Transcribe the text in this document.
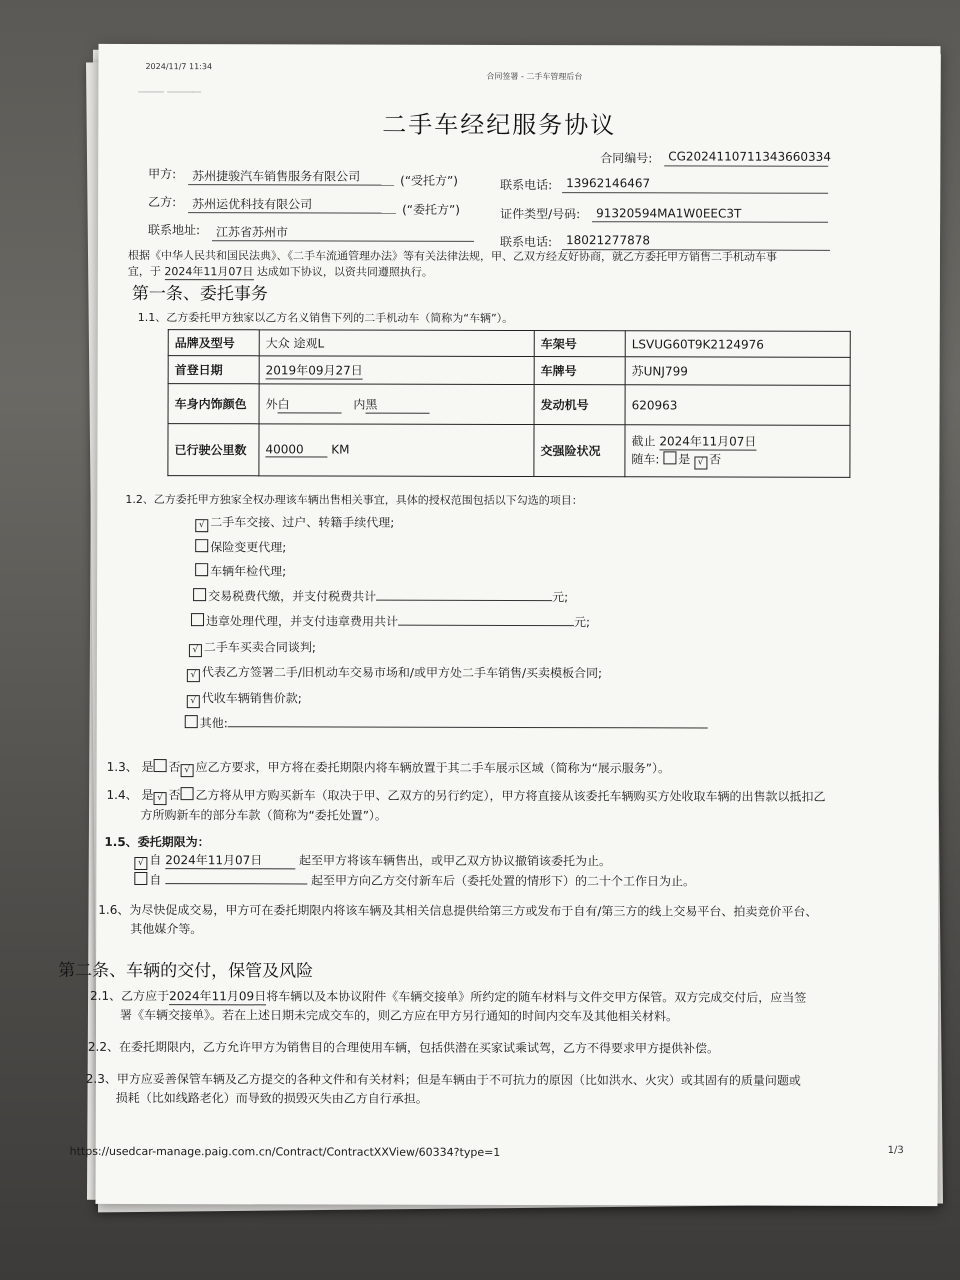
▁▁▁ ▁▁▁▁
2024/11/7 11:34
合同签署 - 二手车管理后台
二手车经纪服务协议
合同编号: CG2024110711343660334
甲方: 苏州捷骏汽车销售服务有限公司	(“受托方”)	联系电话: 13962146467
乙方: 苏州运优科技有限公司	(“委托方”)	证件类型/号码: 91320594MA1W0EEC3T
联系地址: 江苏省苏州市
联系电话: 18021277878
根据《中华人民共和国民法典》、《二手车流通管理办法》等有关法律法规，甲、乙双方经友好协商，就乙方委托甲方销售二手机动车事
宜，于 2024年11月07日 达成如下协议，以资共同遵照执行。
第一条、委托事务
1.1、乙方委托甲方独家以乙方名义销售下列的二手机动车（简称为“车辆”）。
品牌及型号	大众 途观L	车架号	LSVUG60T9K2124976
首登日期	2019年09月27日	车牌号	苏UNJ799
车身内饰颜色	外白 内黑	发动机号	620963
已行驶公里数	40000 KM	交强险状况	截止 2024年11月07日
随车: 是 √ 否
1.2、乙方委托甲方独家全权办理该车辆出售相关事宜，具体的授权范围包括以下勾选的项目：
√ 二手车交接、过户、转籍手续代理;
保险变更代理;
车辆年检代理;
交易税费代缴，并支付税费共计	元;
违章处理代理，并支付违章费用共计	元;
√ 二手车买卖合同谈判;
√ 代表乙方签署二手/旧机动车交易市场和/或甲方处二手车销售/买卖模板合同;
√ 代收车辆销售价款;
其他:
1.3、 是 否 √ 应乙方要求，甲方将在委托期限内将车辆放置于其二手车展示区域（简称为“展示服务”）。
1.4、 是 √ 否 乙方将从甲方购买新车（取决于甲、乙双方的另行约定），甲方将直接从该委托车辆购买方处收取车辆的出售款以抵扣乙
方所购新车的部分车款（简称为“委托处置”）。
1.5、委托期限为：
√ 自 2024年11月07日	起至甲方将该车辆售出，或甲乙双方协议撤销该委托为止。
自	起至甲方向乙方交付新车后（委托处置的情形下）的二十个工作日为止。
1.6、为尽快促成交易，甲方可在委托期限内将该车辆及其相关信息提供给第三方或发布于自有/第三方的线上交易平台、拍卖竞价平台、
其他媒介等。
第二条、车辆的交付，保管及风险
2.1、乙方应于2024年11月09日将车辆以及本协议附件《车辆交接单》所约定的随车材料与文件交甲方保管。双方完成交付后，应当签
署《车辆交接单》。若在上述日期未完成交车的，则乙方应在甲方另行通知的时间内交车及其他相关材料。
2.2、在委托期限内，乙方允许甲方为销售目的合理使用车辆，包括供潜在买家试乘试驾，乙方不得要求甲方提供补偿。
2.3、甲方应妥善保管车辆及乙方提交的各种文件和有关材料；但是车辆由于不可抗力的原因（比如洪水、火灾）或其固有的质量问题或
损耗（比如线路老化）而导致的损毁灭失由乙方自行承担。
https://usedcar-manage.paig.com.cn/Contract/ContractXXView/60334?type=1	1/3
